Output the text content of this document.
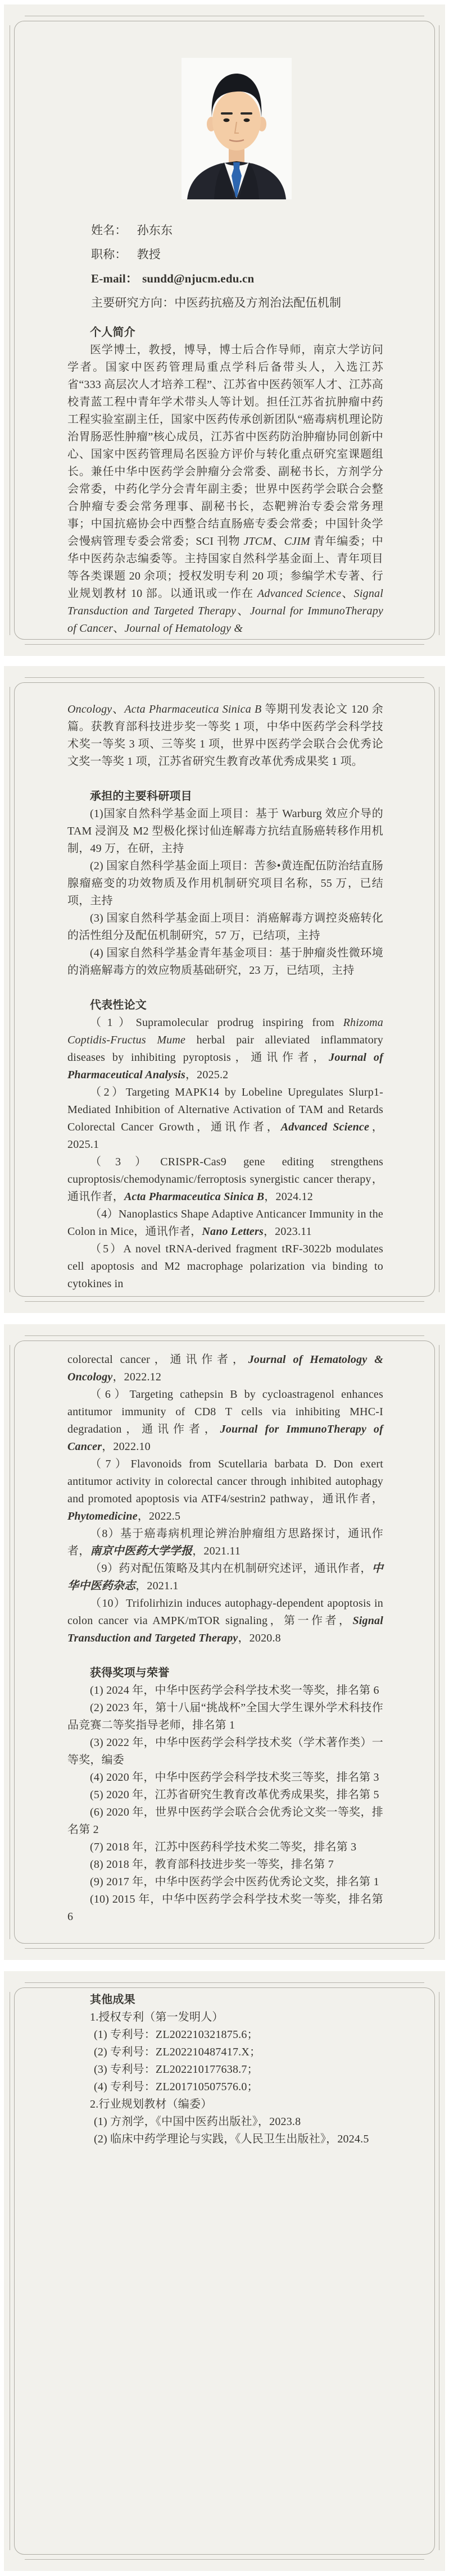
姓名： 孙东东

职称： 教授

E-mail： sundd@njucm.edu.cn

主要研究方向：中医药抗癌及方剂治法配伍机制

个人简介

医学博士，教授，博导，博士后合作导师，南京大学访问学者。国家中医药管理局重点学科后备带头人，入选江苏省“333 高层次人才培养工程”、江苏省中医药领军人才、江苏高校青蓝工程中青年学术带头人等计划。担任江苏省抗肿瘤中药工程实验室副主任，国家中医药传承创新团队“癌毒病机理论防治胃肠恶性肿瘤”核心成员，江苏省中医药防治肿瘤协同创新中心、国家中医药管理局名医验方评价与转化重点研究室课题组长。兼任中华中医药学会肿瘤分会常委、副秘书长，方剂学分会常委，中药化学分会青年副主委；世界中医药学会联合会整合肿瘤专委会常务理事、副秘书长，态靶辨治专委会常务理事；中国抗癌协会中西整合结直肠癌专委会常委；中国针灸学会慢病管理专委会常委；SCI 刊物 JTCM、CJIM 青年编委；中华中医药杂志编委等。主持国家自然科学基金面上、青年项目等各类课题 20 余项；授权发明专利 20 项；参编学术专著、行业规划教材 10 部。以通讯或一作在 Advanced Science、Signal Transduction and Targeted Therapy、Journal for ImmunoTherapy of Cancer、Journal of Hematology &

Oncology、Acta Pharmaceutica Sinica B 等期刊发表论文 120 余篇。获教育部科技进步奖一等奖 1 项，中华中医药学会科学技术奖一等奖 3 项、三等奖 1 项，世界中医药学会联合会优秀论文奖一等奖 1 项，江苏省研究生教育改革优秀成果奖 1 项。

承担的主要科研项目

(1)国家自然科学基金面上项目：基于 Warburg 效应介导的 TAM 浸润及 M2 型极化探讨仙连解毒方抗结直肠癌转移作用机制，49 万，在研，主持

(2) 国家自然科学基金面上项目：苦参•黄连配伍防治结直肠腺瘤癌变的功效物质及作用机制研究项目名称，55 万，已结项，主持

(3) 国家自然科学基金面上项目：消癌解毒方调控炎癌转化的活性组分及配伍机制研究，57 万，已结项，主持

(4) 国家自然科学基金青年基金项目：基于肿瘤炎性微环境的消癌解毒方的效应物质基础研究，23 万，已结项，主持

代表性论文

（1）Supramolecular prodrug inspiring from Rhizoma Coptidis-Fructus Mume herbal pair alleviated inflammatory diseases by inhibiting pyroptosis，通讯作者，Journal of Pharmaceutical Analysis，2025.2

（2）Targeting MAPK14 by Lobeline Upregulates Slurp1-Mediated Inhibition of Alternative Activation of TAM and Retards Colorectal Cancer Growth，通讯作者，Advanced Science，2025.1

（3）CRISPR-Cas9 gene editing strengthens cuproptosis/chemodynamic/ferroptosis synergistic cancer therapy，通讯作者，Acta Pharmaceutica Sinica B，2024.12

（4）Nanoplastics Shape Adaptive Anticancer Immunity in the Colon in Mice，通讯作者，Nano Letters，2023.11

（5）A novel tRNA-derived fragment tRF-3022b modulates cell apoptosis and M2 macrophage polarization via binding to cytokines in

colorectal cancer，通讯作者，Journal of Hematology & Oncology，2022.12

（6）Targeting cathepsin B by cycloastragenol enhances antitumor immunity of CD8 T cells via inhibiting MHC-I degradation，通讯作者，Journal for ImmunoTherapy of Cancer，2022.10

（7）Flavonoids from Scutellaria barbata D. Don exert antitumor activity in colorectal cancer through inhibited autophagy and promoted apoptosis via ATF4/sestrin2 pathway，通讯作者，Phytomedicine，2022.5

（8）基于癌毒病机理论辨治肿瘤组方思路探讨，通讯作者，南京中医药大学学报，2021.11

（9）药对配伍策略及其内在机制研究述评，通讯作者，中华中医药杂志，2021.1

（10）Trifolirhizin induces autophagy-dependent apoptosis in colon cancer via AMPK/mTOR signaling，第一作者，Signal Transduction and Targeted Therapy，2020.8

获得奖项与荣誉

(1) 2024 年，中华中医药学会科学技术奖一等奖，排名第 6

(2) 2023 年，第十八届“挑战杯”全国大学生课外学术科技作品竞赛二等奖指导老师，排名第 1

(3) 2022 年，中华中医药学会科学技术奖（学术著作类）一等奖，编委

(4) 2020 年，中华中医药学会科学技术奖三等奖，排名第 3

(5) 2020 年，江苏省研究生教育改革优秀成果奖，排名第 5

(6) 2020 年，世界中医药学会联合会优秀论文奖一等奖，排名第 2

(7) 2018 年，江苏中医药科学技术奖二等奖，排名第 3

(8) 2018 年，教育部科技进步奖一等奖，排名第 7

(9) 2017 年，中华中医药学会中医药优秀论文奖，排名第 1

(10) 2015 年，中华中医药学会科学技术奖一等奖，排名第 6

其他成果

1.授权专利（第一发明人）

(1) 专利号：ZL202210321875.6；

(2) 专利号：ZL202210487417.X；

(3) 专利号：ZL202210177638.7；

(4) 专利号：ZL201710507576.0；

2.行业规划教材（编委）

(1) 方剂学，《中国中医药出版社》，2023.8

(2) 临床中药学理论与实践，《人民卫生出版社》，2024.5
